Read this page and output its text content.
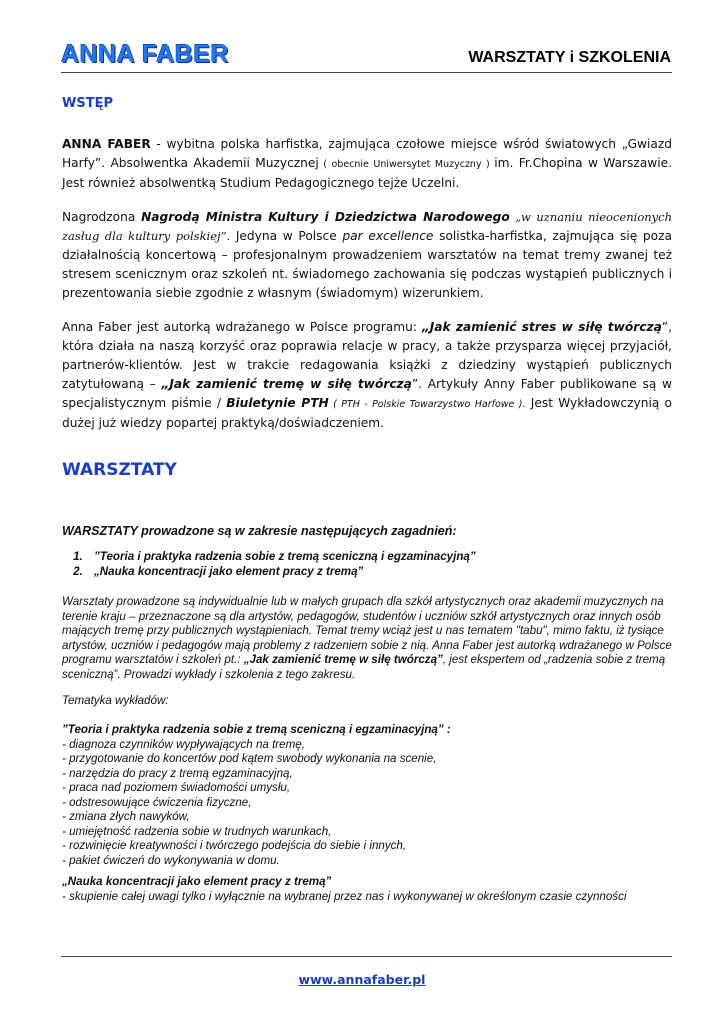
ANNA FABER	WARSZTATY i SZKOLENIA
WSTĘP
ANNA FABER - wybitna polska harfistka, zajmująca czołowe miejsce wśród światowych „Gwiazd Harfy”. Absolwentka Akademii Muzycznej ( obecnie Uniwersytet Muzyczny ) im. Fr.Chopina w Warszawie. Jest również absolwentką Studium Pedagogicznego tejże Uczelni.
Nagrodzona Nagrodą Ministra Kultury i Dziedzictwa Narodowego „w uznaniu nieocenionych zasług dla kultury polskiej”. Jedyna w Polsce par excellence solistka-harfistka, zajmująca się poza działalnością koncertową – profesjonalnym prowadzeniem warsztatów na temat tremy zwanej też stresem scenicznym oraz szkoleń nt. świadomego zachowania się podczas wystąpień publicznych i prezentowania siebie zgodnie z własnym (świadomym) wizerunkiem.
Anna Faber jest autorką wdrażanego w Polsce programu: „Jak zamienić stres w siłę twórczą”, która działa na naszą korzyść oraz poprawia relacje w pracy, a także przysparza więcej przyjaciół, partnerów-klientów. Jest w trakcie redagowania książki z dziedziny wystąpień publicznych zatytułowaną – „Jak zamienić tremę w siłę twórczą”. Artykuły Anny Faber publikowane są w specjalistycznym piśmie / Biuletynie PTH ( PTH - Polskie Towarzystwo Harfowe ). Jest Wykładowczynią o dużej już wiedzy popartej praktyką/doświadczeniem.
WARSZTATY
WARSZTATY prowadzone są w zakresie następujących zagadnień:
1. ”Teoria i praktyka radzenia sobie z tremą sceniczną i egzaminacyjną”
2. „Nauka koncentracji jako element pracy z tremą”
Warsztaty prowadzone są indywidualnie lub w małych grupach dla szkół artystycznych oraz akademii muzycznych na terenie kraju – przeznaczone są dla artystów, pedagogów, studentów i uczniów szkół artystycznych oraz innych osób mających tremę przy publicznych wystąpieniach. Temat tremy wciąż jest u nas tematem "tabu", mimo faktu, iż tysiące artystów, uczniów i pedagogów mają problemy z radzeniem sobie z nią. Anna Faber jest autorką wdrażanego w Polsce programu warsztatów i szkoleń pt.: „Jak zamienić tremę w siłę twórczą”, jest ekspertem od „radzenia sobie z tremą sceniczną”. Prowadzi wykłady i szkolenia z tego zakresu.
Tematyka wykładów:
”Teoria i praktyka radzenia sobie z tremą sceniczną i egzaminacyjną” :
- diagnoza czynników wypływających na tremę,
- przygotowanie do koncertów pod kątem swobody wykonania na scenie,
- narzędzia do pracy z tremą egzaminacyjną,
- praca nad poziomem świadomości umysłu,
- odstresowujące ćwiczenia fizyczne,
- zmiana złych nawyków,
- umiejętność radzenia sobie w trudnych warunkach,
- rozwinięcie kreatywności i twórczego podejścia do siebie i innych,
- pakiet ćwiczeń do wykonywania w domu.
„Nauka koncentracji jako element pracy z tremą”
- skupienie całej uwagi tylko i wyłącznie na wybranej przez nas i wykonywanej w określonym czasie czynności
www.annafaber.pl
